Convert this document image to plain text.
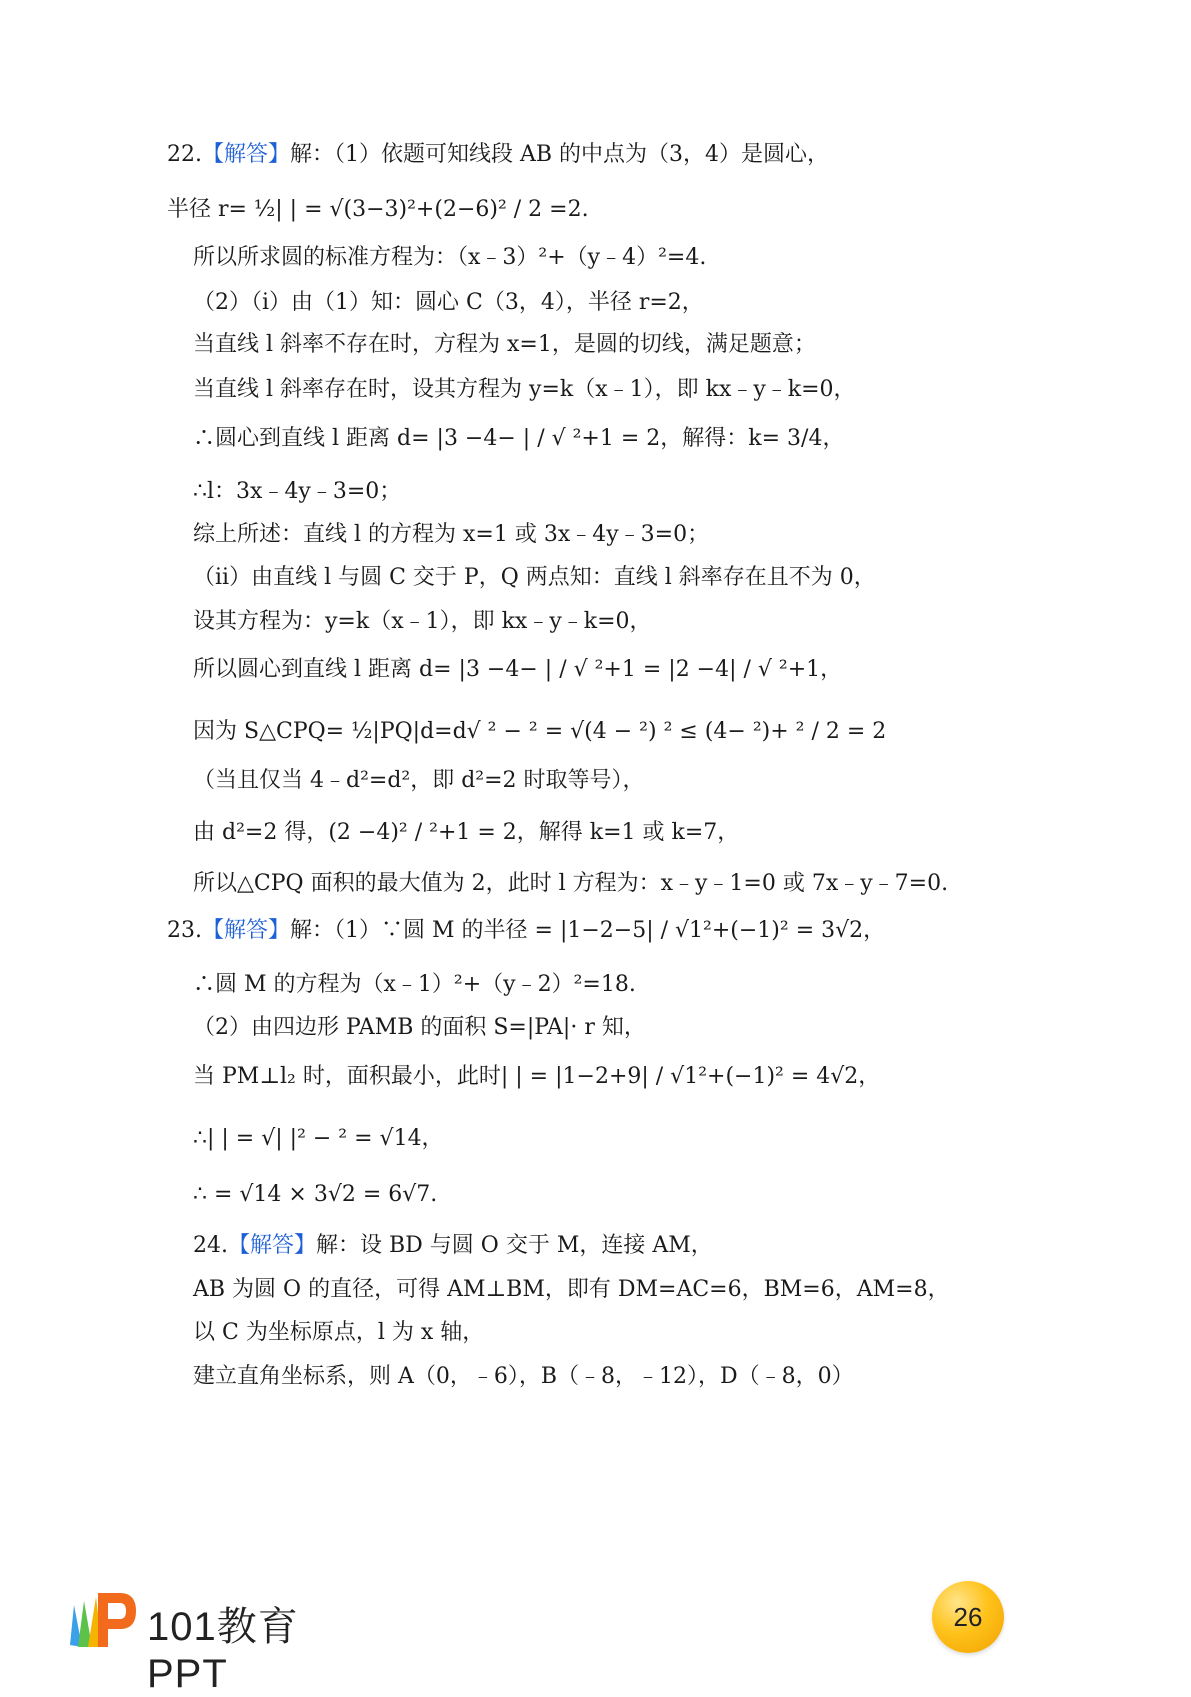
22.【解答】解：（1）依题可知线段 AB 的中点为（3，4）是圆心，
半径 r= ½| | = √(3−3)²+(2−6)² / 2 =2.
所以所求圆的标准方程为：（x﹣3）²+（y﹣4）²=4.
（2）（i）由（1）知：圆心 C（3，4），半径 r=2，
当直线 l 斜率不存在时，方程为 x=1，是圆的切线，满足题意；
当直线 l 斜率存在时，设其方程为 y=k（x﹣1），即 kx﹣y﹣k=0，
∴圆心到直线 l 距离 d= |3 −4− | / √ ²+1 = 2，解得：k= 3/4，
∴l：3x﹣4y﹣3=0；
综上所述：直线 l 的方程为 x=1 或 3x﹣4y﹣3=0；
（ii）由直线 l 与圆 C 交于 P，Q 两点知：直线 l 斜率存在且不为 0，
设其方程为：y=k（x﹣1），即 kx﹣y﹣k=0，
所以圆心到直线 l 距离 d= |3 −4− | / √ ²+1 = |2 −4| / √ ²+1，
因为 S△CPQ= ½|PQ|d=d√ ² − ² = √(4 − ²) ² ≤ (4− ²)+ ² / 2 = 2
（当且仅当 4﹣d²=d²，即 d²=2 时取等号），
由 d²=2 得，(2 −4)² / ²+1 = 2，解得 k=1 或 k=7，
所以△CPQ 面积的最大值为 2，此时 l 方程为：x﹣y﹣1=0 或 7x﹣y﹣7=0.
23.【解答】解：（1）∵圆 M 的半径 = |1−2−5| / √1²+(−1)² = 3√2，
∴圆 M 的方程为（x﹣1）²+（y﹣2）²=18.
（2）由四边形 PAMB 的面积 S=|PA|· r 知，
当 PM⊥l₂ 时，面积最小，此时| | = |1−2+9| / √1²+(−1)² = 4√2，
∴| | = √| |² − ² = √14，
∴ = √14 × 3√2 = 6√7.
24.【解答】解：设 BD 与圆 O 交于 M，连接 AM，
AB 为圆 O 的直径，可得 AM⊥BM，即有 DM=AC=6，BM=6，AM=8，
以 C 为坐标原点，l 为 x 轴，
建立直角坐标系，则 A（0，﹣6），B（﹣8，﹣12），D（﹣8，0）
101教育PPT
26
